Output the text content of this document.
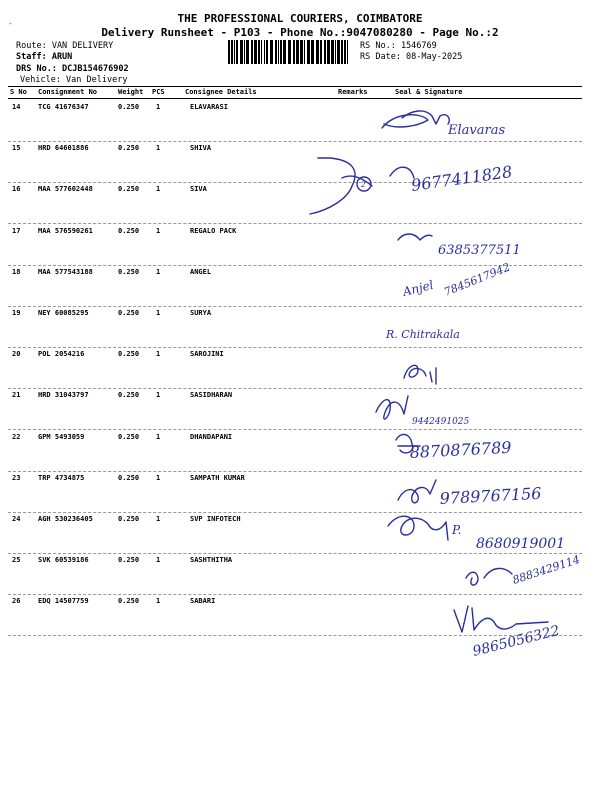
-	THE PROFESSIONAL COURIERS, COIMBATORE
Delivery Runsheet - P103 - Phone No.:9047080280 - Page No.:2
Route: VAN DELIVERY
Staff: ARUN
DRS No.: DCJB154676902
Vehicle: Van Delivery
RS No.: 1546769
RS Date: 08-May-2025
S No Consignment No	Weight PCS	Consignee Details	Remarks	Seal & Signature
14	TCG 41676347	0.250 1	ELAVARASI
15	HRD 64601886	0.250 1	SHIVA
16	MAA 577602448	0.250 1	SIVA
17	MAA 576590261	0.250 1	REGALO PACK
18	MAA 577543188	0.250 1	ANGEL
19	NEY 60085295	0.250 1	SURYA
20	POL 2054216	0.250 1	SAROJINI
21	HRD 31043797	0.250 1	SASIDHARAN
22	GPM 5493059	0.250 1	DHANDAPANI
23	TRP 4734875	0.250 1	SAMPATH KUMAR
24	AGH 530236405	0.250 1	SVP INFOTECH
25	SVK 60539186	0.250 1	SASHTHITHA
26	EDQ 14507759	0.250 1	SABARI
Elavaras
2	9677411828
6385377511
Anjel 7845617942
R. Chitrakala
9442491025
8870876789
9789767156
P.
8680919001
8883429114
9865056322
